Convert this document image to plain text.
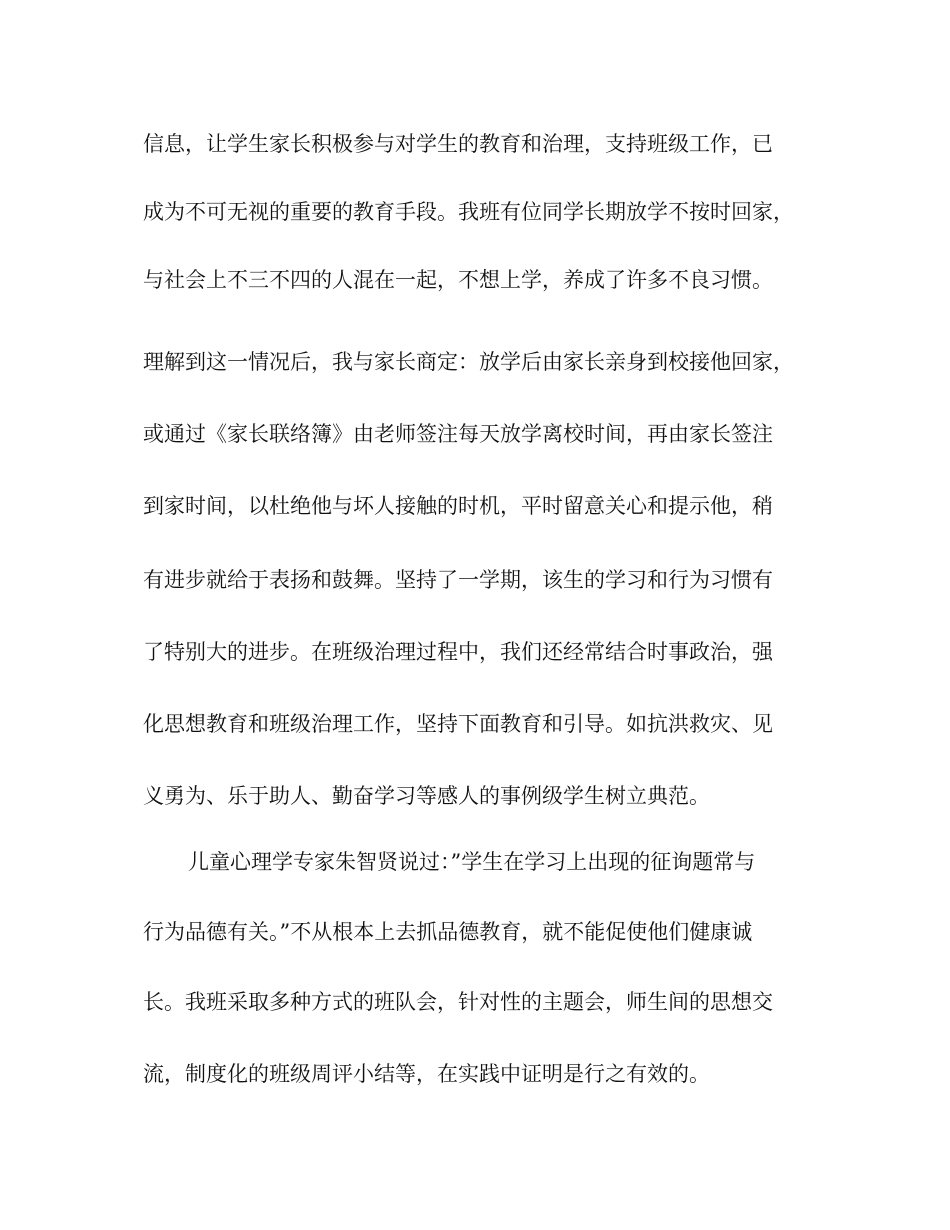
信息，让学生家长积极参与对学生的教育和治理，支持班级工作，已
成为不可无视的重要的教育手段。我班有位同学长期放学不按时回家，
与社会上不三不四的人混在一起，不想上学，养成了许多不良习惯。
理解到这一情况后，我与家长商定：放学后由家长亲身到校接他回家，
或通过《家长联络簿》由老师签注每天放学离校时间，再由家长签注
到家时间，以杜绝他与坏人接触的时机，平时留意关心和提示他，稍
有进步就给于表扬和鼓舞。坚持了一学期，该生的学习和行为习惯有
了特别大的进步。在班级治理过程中，我们还经常结合时事政治，强
化思想教育和班级治理工作，坚持下面教育和引导。如抗洪救灾、见
义勇为、乐于助人、勤奋学习等感人的事例级学生树立典范。
儿童心理学专家朱智贤说过：”学生在学习上出现的征询题常与
行为品德有关。”不从根本上去抓品德教育，就不能促使他们健康诚
长。我班采取多种方式的班队会，针对性的主题会，师生间的思想交
流，制度化的班级周评小结等，在实践中证明是行之有效的。
